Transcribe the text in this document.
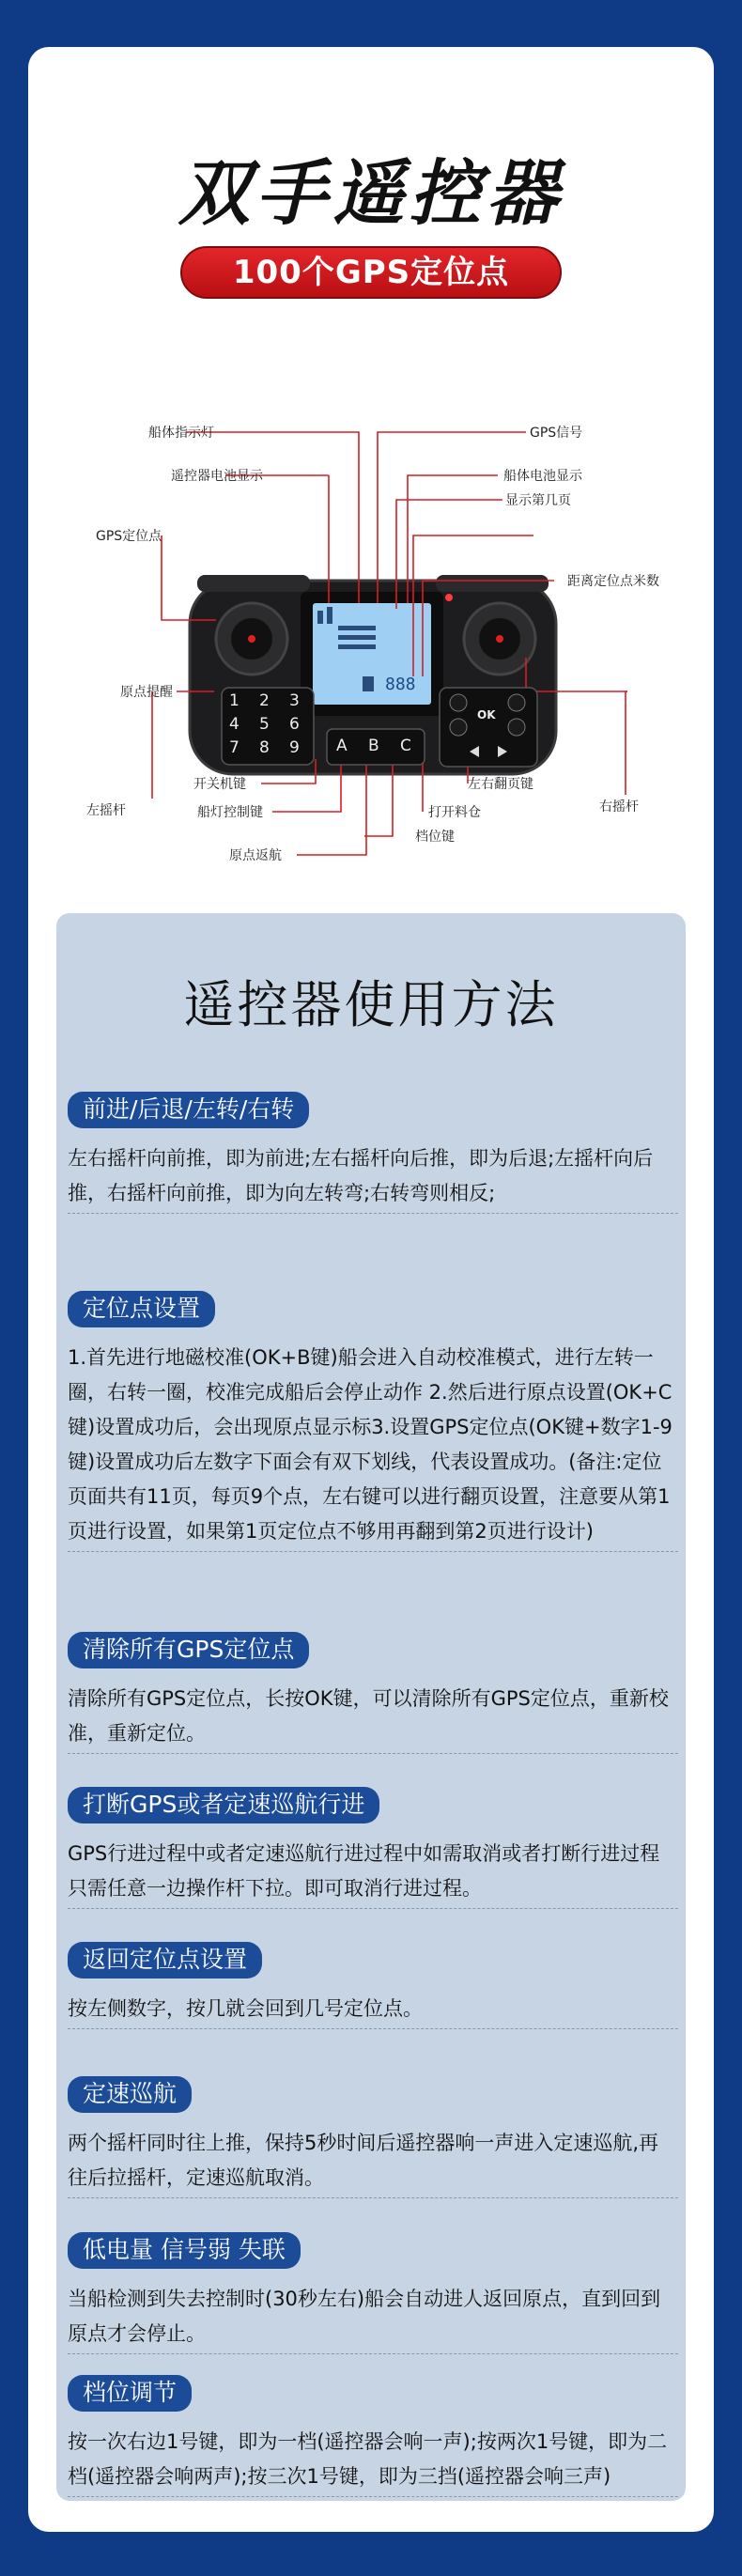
双手遥控器
100个GPS定位点
1 2 3
4 5 6
7 8 9 A B C
OK
888
船体指示灯	GPS信号
遥控器电池显示	船体电池显示
显示第几页
GPS定位点
距离定位点米数
原点提醒
开关机键	左右翻页键
船灯控制键	打开料仓
左摇杆	右摇杆
档位键
原点返航
遥控器使用方法
前进/后退/左转/右转
左右摇杆向前推，即为前进;左右摇杆向后推，即为后退;左摇杆向后推，右摇杆向前推，即为向左转弯;右转弯则相反;
定位点设置
1.首先进行地磁校准(OK+B键)船会进入自动校准模式，进行左转一圈，右转一圈，校准完成船后会停止动作 2.然后进行原点设置(OK+C键)设置成功后，会出现原点显示标3.设置GPS定位点(OK键+数字1-9键)设置成功后左数字下面会有双下划线，代表设置成功。(备注:定位页面共有11页，每页9个点，左右键可以进行翻页设置，注意要从第1页进行设置，如果第1页定位点不够用再翻到第2页进行设计)
清除所有GPS定位点
清除所有GPS定位点，长按OK键，可以清除所有GPS定位点，重新校准，重新定位。
打断GPS或者定速巡航行进
GPS行进过程中或者定速巡航行进过程中如需取消或者打断行进过程只需任意一边操作杆下拉。即可取消行进过程。
返回定位点设置
按左侧数字，按几就会回到几号定位点。
定速巡航
两个摇杆同时往上推，保持5秒时间后遥控器响一声进入定速巡航,再往后拉摇杆，定速巡航取消。
低电量 信号弱 失联
当船检测到失去控制时(30秒左右)船会自动进人返回原点，直到回到原点才会停止。
档位调节
按一次右边1号键，即为一档(遥控器会响一声);按两次1号键，即为二档(遥控器会响两声);按三次1号键，即为三挡(遥控器会响三声)
